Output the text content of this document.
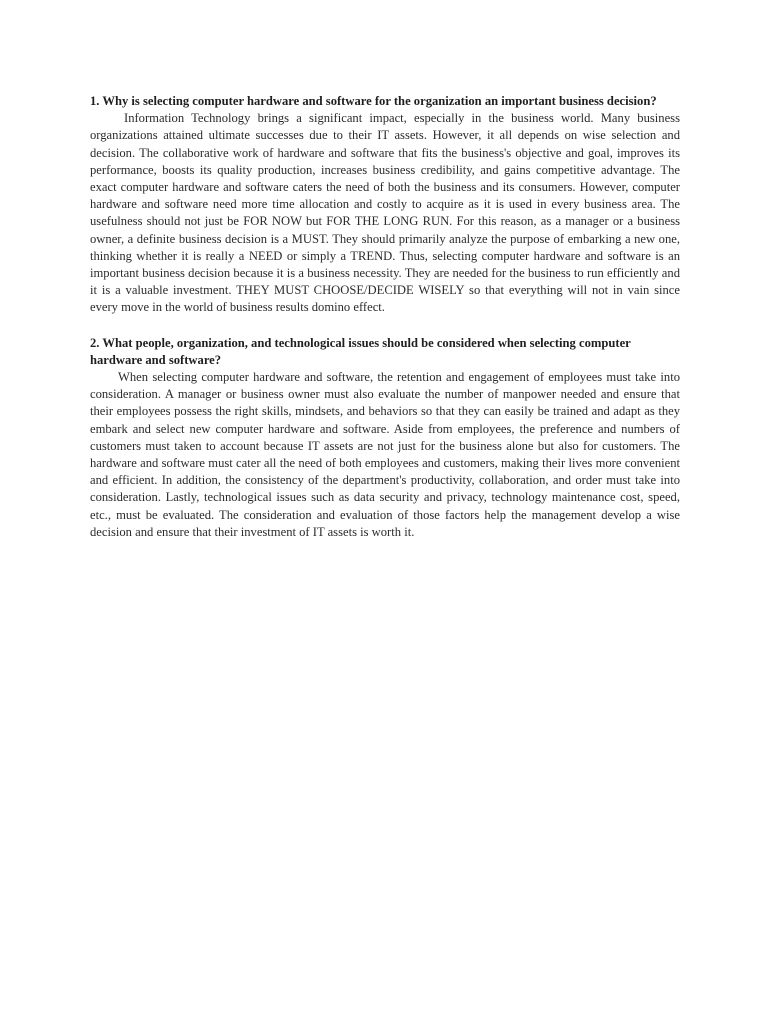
1. Why is selecting computer hardware and software for the organization an important business decision?

Information Technology brings a significant impact, especially in the business world. Many business organizations attained ultimate successes due to their IT assets. However, it all depends on wise selection and decision. The collaborative work of hardware and software that fits the business's objective and goal, improves its performance, boosts its quality production, increases business credibility, and gains competitive advantage. The exact computer hardware and software caters the need of both the business and its consumers. However, computer hardware and software need more time allocation and costly to acquire as it is used in every business area. The usefulness should not just be FOR NOW but FOR THE LONG RUN. For this reason, as a manager or a business owner, a definite business decision is a MUST. They should primarily analyze the purpose of embarking a new one, thinking whether it is really a NEED or simply a TREND. Thus, selecting computer hardware and software is an important business decision because it is a business necessity. They are needed for the business to run efficiently and it is a valuable investment. THEY MUST CHOOSE/DECIDE WISELY so that everything will not in vain since every move in the world of business results domino effect.

2. What people, organization, and technological issues should be considered when selecting computer hardware and software?

When selecting computer hardware and software, the retention and engagement of employees must take into consideration. A manager or business owner must also evaluate the number of manpower needed and ensure that their employees possess the right skills, mindsets, and behaviors so that they can easily be trained and adapt as they embark and select new computer hardware and software. Aside from employees, the preference and numbers of customers must taken to account because IT assets are not just for the business alone but also for customers. The hardware and software must cater all the need of both employees and customers, making their lives more convenient and efficient. In addition, the consistency of the department's productivity, collaboration, and order must take into consideration. Lastly, technological issues such as data security and privacy, technology maintenance cost, speed, etc., must be evaluated. The consideration and evaluation of those factors help the management develop a wise decision and ensure that their investment of IT assets is worth it.
